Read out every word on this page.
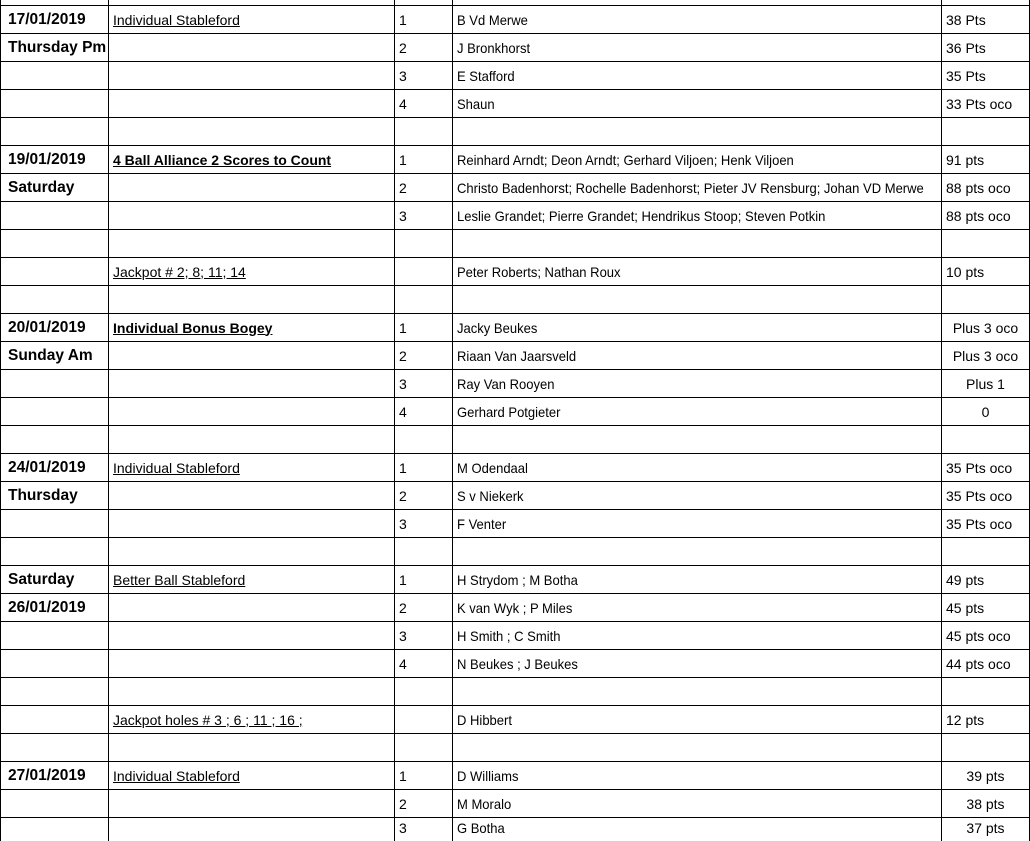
17/01/2019	Individual Stableford	1	B Vd Merwe	38 Pts
Thursday Pm		2	J Bronkhorst	36 Pts
		3	E Stafford	35 Pts
		4	Shaun	33 Pts oco

19/01/2019	4 Ball Alliance 2 Scores to Count	1	Reinhard Arndt; Deon Arndt; Gerhard Viljoen; Henk Viljoen	91 pts
Saturday		2	Christo Badenhorst; Rochelle Badenhorst; Pieter JV Rensburg; Johan VD Merwe	88 pts oco
		3	Leslie Grandet; Pierre Grandet; Hendrikus Stoop; Steven Potkin	88 pts oco

	Jackpot # 2; 8; 11; 14		Peter Roberts; Nathan Roux	10 pts

20/01/2019	Individual Bonus Bogey	1	Jacky Beukes	Plus 3 oco
Sunday Am		2	Riaan Van Jaarsveld	Plus 3 oco
		3	Ray Van Rooyen	Plus 1
		4	Gerhard Potgieter	0

24/01/2019	Individual Stableford	1	M Odendaal	35 Pts oco
Thursday		2	S v Niekerk	35 Pts oco
		3	F Venter	35 Pts oco

Saturday	Better Ball Stableford	1	H Strydom ; M Botha	49 pts
26/01/2019		2	K van Wyk ; P Miles	45 pts
		3	H Smith ; C Smith	45 pts oco
		4	N Beukes ; J Beukes	44 pts oco

	Jackpot holes # 3 ; 6 ; 11 ; 16 ;		D Hibbert	12 pts

27/01/2019	Individual Stableford	1	D Williams	39 pts
		2	M Moralo	38 pts
		3	G Botha	37 pts
